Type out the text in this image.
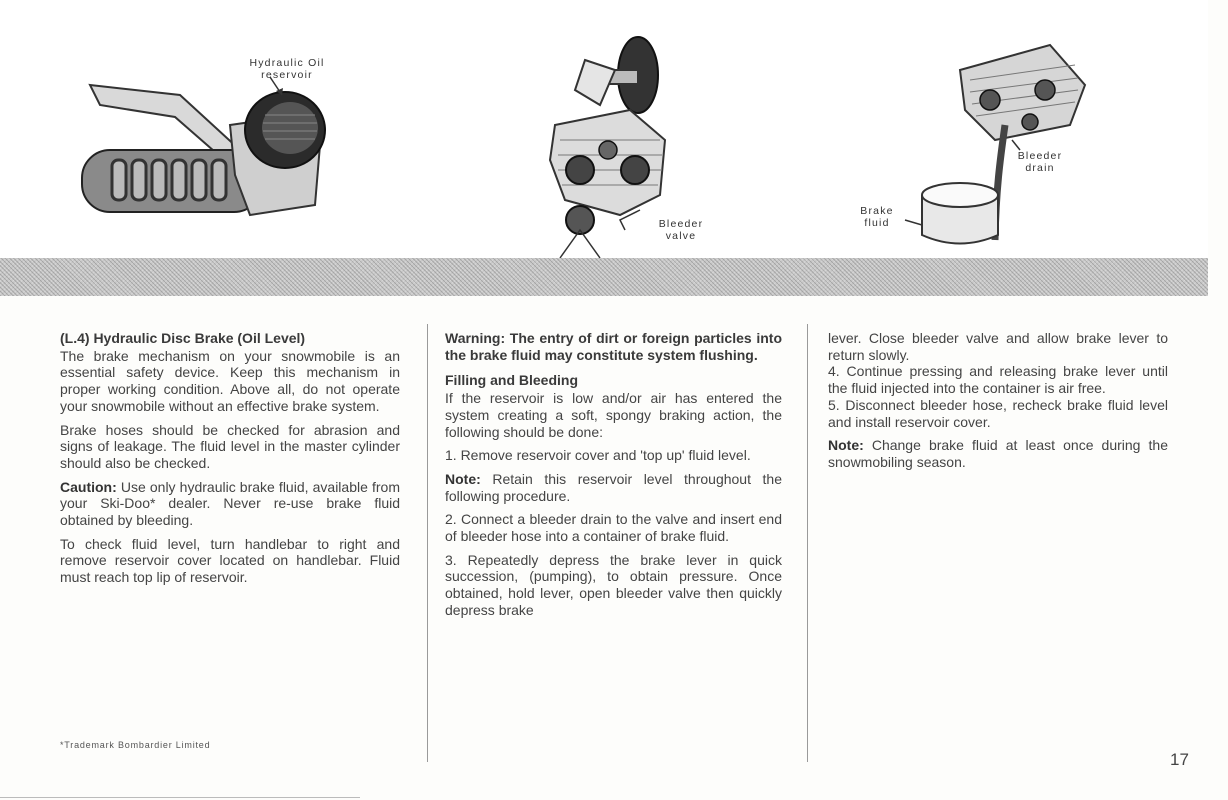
Hydraulic Oil reservoir
Bleeder valve
Bleeder drain
Brake fluid
(L.4) Hydraulic Disc Brake (Oil Level)

The brake mechanism on your snowmobile is an essential safety device. Keep this mechanism in proper working condition. Above all, do not operate your snowmobile without an effective brake system.

Brake hoses should be checked for abrasion and signs of leakage. The fluid level in the master cylinder should also be checked.

Caution: Use only hydraulic brake fluid, available from your Ski-Doo* dealer. Never re-use brake fluid obtained by bleeding.

To check fluid level, turn handlebar to right and remove reservoir cover located on handlebar. Fluid must reach top lip of reservoir.

Warning: The entry of dirt or foreign particles into the brake fluid may constitute system flushing.

Filling and Bleeding

If the reservoir is low and/or air has entered the system creating a soft, spongy braking action, the following should be done:

1. Remove reservoir cover and 'top up' fluid level.

Note: Retain this reservoir level throughout the following procedure.

2. Connect a bleeder drain to the valve and insert end of bleeder hose into a container of brake fluid.

3. Repeatedly depress the brake lever in quick succession, (pumping), to obtain pressure. Once obtained, hold lever, open bleeder valve then quickly depress brake

lever. Close bleeder valve and allow brake lever to return slowly.

4. Continue pressing and releasing brake lever until the fluid injected into the container is air free.

5. Disconnect bleeder hose, recheck brake fluid level and install reservoir cover.

Note: Change brake fluid at least once during the snowmobiling season.

*Trademark Bombardier Limited
17
